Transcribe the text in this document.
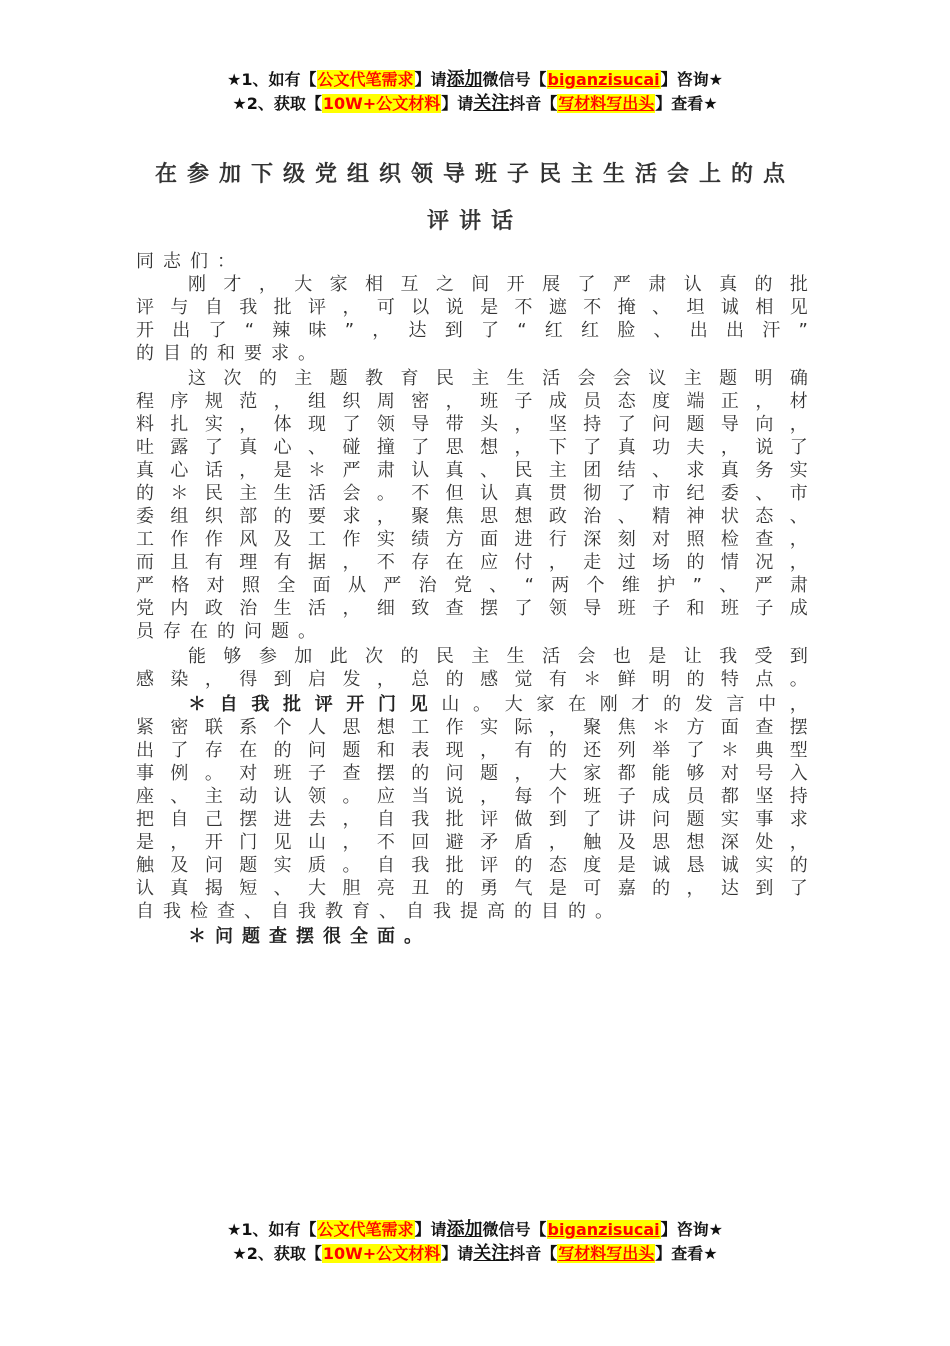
★1、如有【公文代笔需求】请添加微信号【biganzisucai】咨询★
★2、获取【10W+公文材料】请关注抖音【写材料写出头】查看★
在参加下级党组织领导班子民主生活会上的点
评讲话
同 志 们 ：
刚 才 ， 大 家 相 互 之 间 开 展 了 严 肃 认 真 的 批
评 与 自 我 批 评 ， 可 以 说 是 不 遮 不 掩 、 坦 诚 相 见
开 出 了 “ 辣 味 ” ， 达 到 了 “ 红 红 脸 、 出 出 汗 ”
的 目 的 和 要 求 。
这 次 的 主 题 教 育 民 主 生 活 会 会 议 主 题 明 确
程 序 规 范 ， 组 织 周 密 ， 班 子 成 员 态 度 端 正 ， 材
料 扎 实 ， 体 现 了 领 导 带 头 ， 坚 持 了 问 题 导 向 ，
吐 露 了 真 心 、 碰 撞 了 思 想 ， 下 了 真 功 夫 ， 说 了
真 心 话 ， 是 ＊ 严 肃 认 真 、 民 主 团 结 、 求 真 务 实
的 ＊ 民 主 生 活 会 。 不 但 认 真 贯 彻 了 市 纪 委 、 市
委 组 织 部 的 要 求 ， 聚 焦 思 想 政 治 、 精 神 状 态 、
工 作 作 风 及 工 作 实 绩 方 面 进 行 深 刻 对 照 检 查 ，
而 且 有 理 有 据 ， 不 存 在 应 付 ， 走 过 场 的 情 况 ，
严 格 对 照 全 面 从 严 治 党 、 “ 两 个 维 护 ” 、 严 肃
党 内 政 治 生 活 ， 细 致 查 摆 了 领 导 班 子 和 班 子 成
员 存 在 的 问 题 。
能 够 参 加 此 次 的 民 主 生 活 会 也 是 让 我 受 到
感 染 ， 得 到 启 发 ， 总 的 感 觉 有 ＊ 鲜 明 的 特 点 。
＊ 自 我 批 评 开 门 见 山 。 大 家 在 刚 才 的 发 言 中 ，
紧 密 联 系 个 人 思 想 工 作 实 际 ， 聚 焦 ＊ 方 面 查 摆
出 了 存 在 的 问 题 和 表 现 ， 有 的 还 列 举 了 ＊ 典 型
事 例 。 对 班 子 查 摆 的 问 题 ， 大 家 都 能 够 对 号 入
座 、 主 动 认 领 。 应 当 说 ， 每 个 班 子 成 员 都 坚 持
把 自 己 摆 进 去 ， 自 我 批 评 做 到 了 讲 问 题 实 事 求
是 ， 开 门 见 山 ， 不 回 避 矛 盾 ， 触 及 思 想 深 处 ，
触 及 问 题 实 质 。 自 我 批 评 的 态 度 是 诚 恳 诚 实 的
认 真 揭 短 、 大 胆 亮 丑 的 勇 气 是 可 嘉 的 ， 达 到 了
自 我 检 查 、 自 我 教 育 、 自 我 提 高 的 目 的 。
＊ 问 题 查 摆 很 全 面 。
★1、如有【公文代笔需求】请添加微信号【biganzisucai】咨询★
★2、获取【10W+公文材料】请关注抖音【写材料写出头】查看★
